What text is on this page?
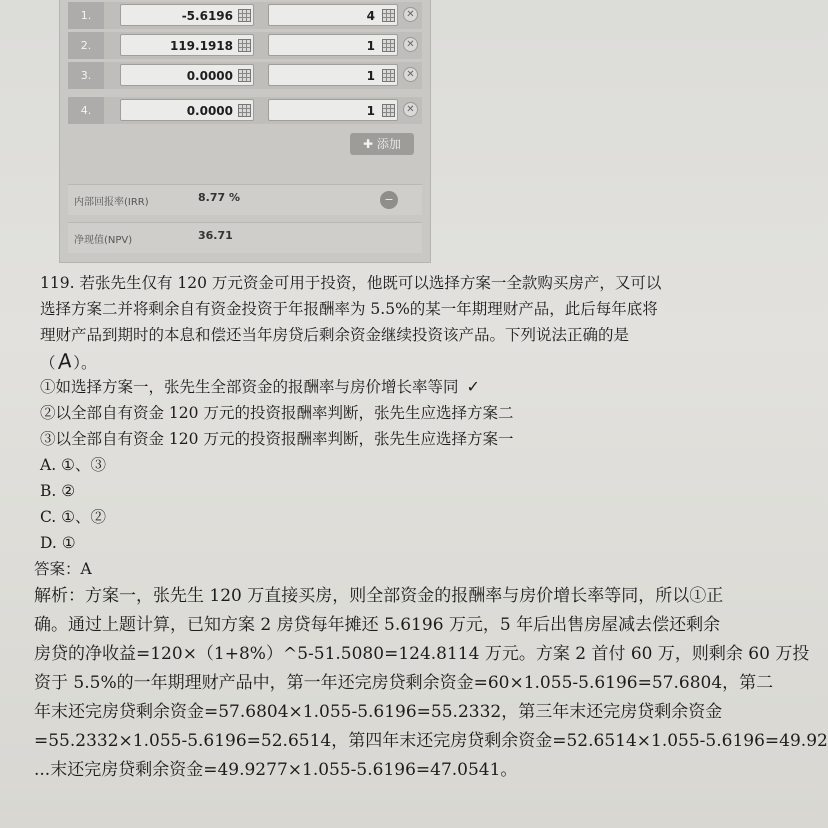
1.	-5.6196	4	✕
2.	119.1918	1	✕
3.	0.0000	1	✕
4.	0.0000	1	✕
✚ 添加
内部回报率(IRR)	8.77 %	−
净现值(NPV)	36.71
119. 若张先生仅有 120 万元资金可用于投资，他既可以选择方案一全款购买房产，又可以
选择方案二并将剩余自有资金投资于年报酬率为 5.5%的某一年期理财产品，此后每年底将
理财产品到期时的本息和偿还当年房贷后剩余资金继续投资该产品。下列说法正确的是
（A）。
①如选择方案一，张先生全部资金的报酬率与房价增长率等同 ✓
②以全部自有资金 120 万元的投资报酬率判断，张先生应选择方案二
③以全部自有资金 120 万元的投资报酬率判断，张先生应选择方案一
A. ①、③
B. ②
C. ①、②
D. ①
答案：A
解析：方案一，张先生 120 万直接买房，则全部资金的报酬率与房价增长率等同，所以①正
确。通过上题计算，已知方案 2 房贷每年摊还 5.6196 万元，5 年后出售房屋减去偿还剩余
房贷的净收益=120×（1+8%）^5-51.5080=124.8114 万元。方案 2 首付 60 万，则剩余 60 万投
资于 5.5%的一年期理财产品中，第一年还完房贷剩余资金=60×1.055-5.6196=57.6804，第二
年末还完房贷剩余资金=57.6804×1.055-5.6196=55.2332，第三年末还完房贷剩余资金
=55.2332×1.055-5.6196=52.6514，第四年末还完房贷剩余资金=52.6514×1.055-5.6196=49.92
...末还完房贷剩余资金=49.9277×1.055-5.6196=47.0541。
